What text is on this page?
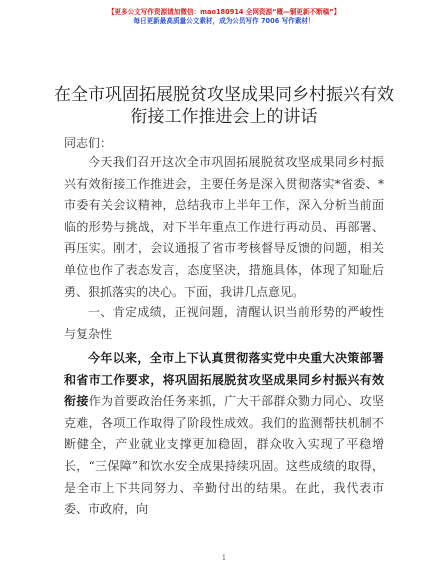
【更多公文写作资源请加微信：mao180914 全网资源“概—铜更新不断稿”】
每日更新最高质量公文素材，成为公员写作 7006 写作素材！
在全市巩固拓展脱贫攻坚成果同乡村振兴有效
衔接工作推进会上的讲话
同志们：
今天我们召开这次全市巩固拓展脱贫攻坚成果同乡村振兴有效衔接工作推进会，主要任务是深入贯彻落实*省委、*市委有关会议精神，总结我市上半年工作，深入分析当前面临的形势与挑战，对下半年重点工作进行再动员、再部署、再压实。刚才，会议通报了省市考核督导反馈的问题，相关单位也作了表态发言，态度坚决，措施具体，体现了知耻后勇、狠抓落实的决心。下面，我讲几点意见。
一、肯定成绩，正视问题，清醒认识当前形势的严峻性与复杂性
今年以来，全市上下认真贯彻落实党中央重大决策部署和省市工作要求，将巩固拓展脱贫攻坚成果同乡村振兴有效衔接作为首要政治任务来抓，广大干部群众勠力同心、攻坚克难，各项工作取得了阶段性成效。我们的监测帮扶机制不断健全，产业就业支撑更加稳固，群众收入实现了平稳增长，“三保障”和饮水安全成果持续巩固。这些成绩的取得，是全市上下共同努力、辛勤付出的结果。在此，我代表市委、市政府，向
1
